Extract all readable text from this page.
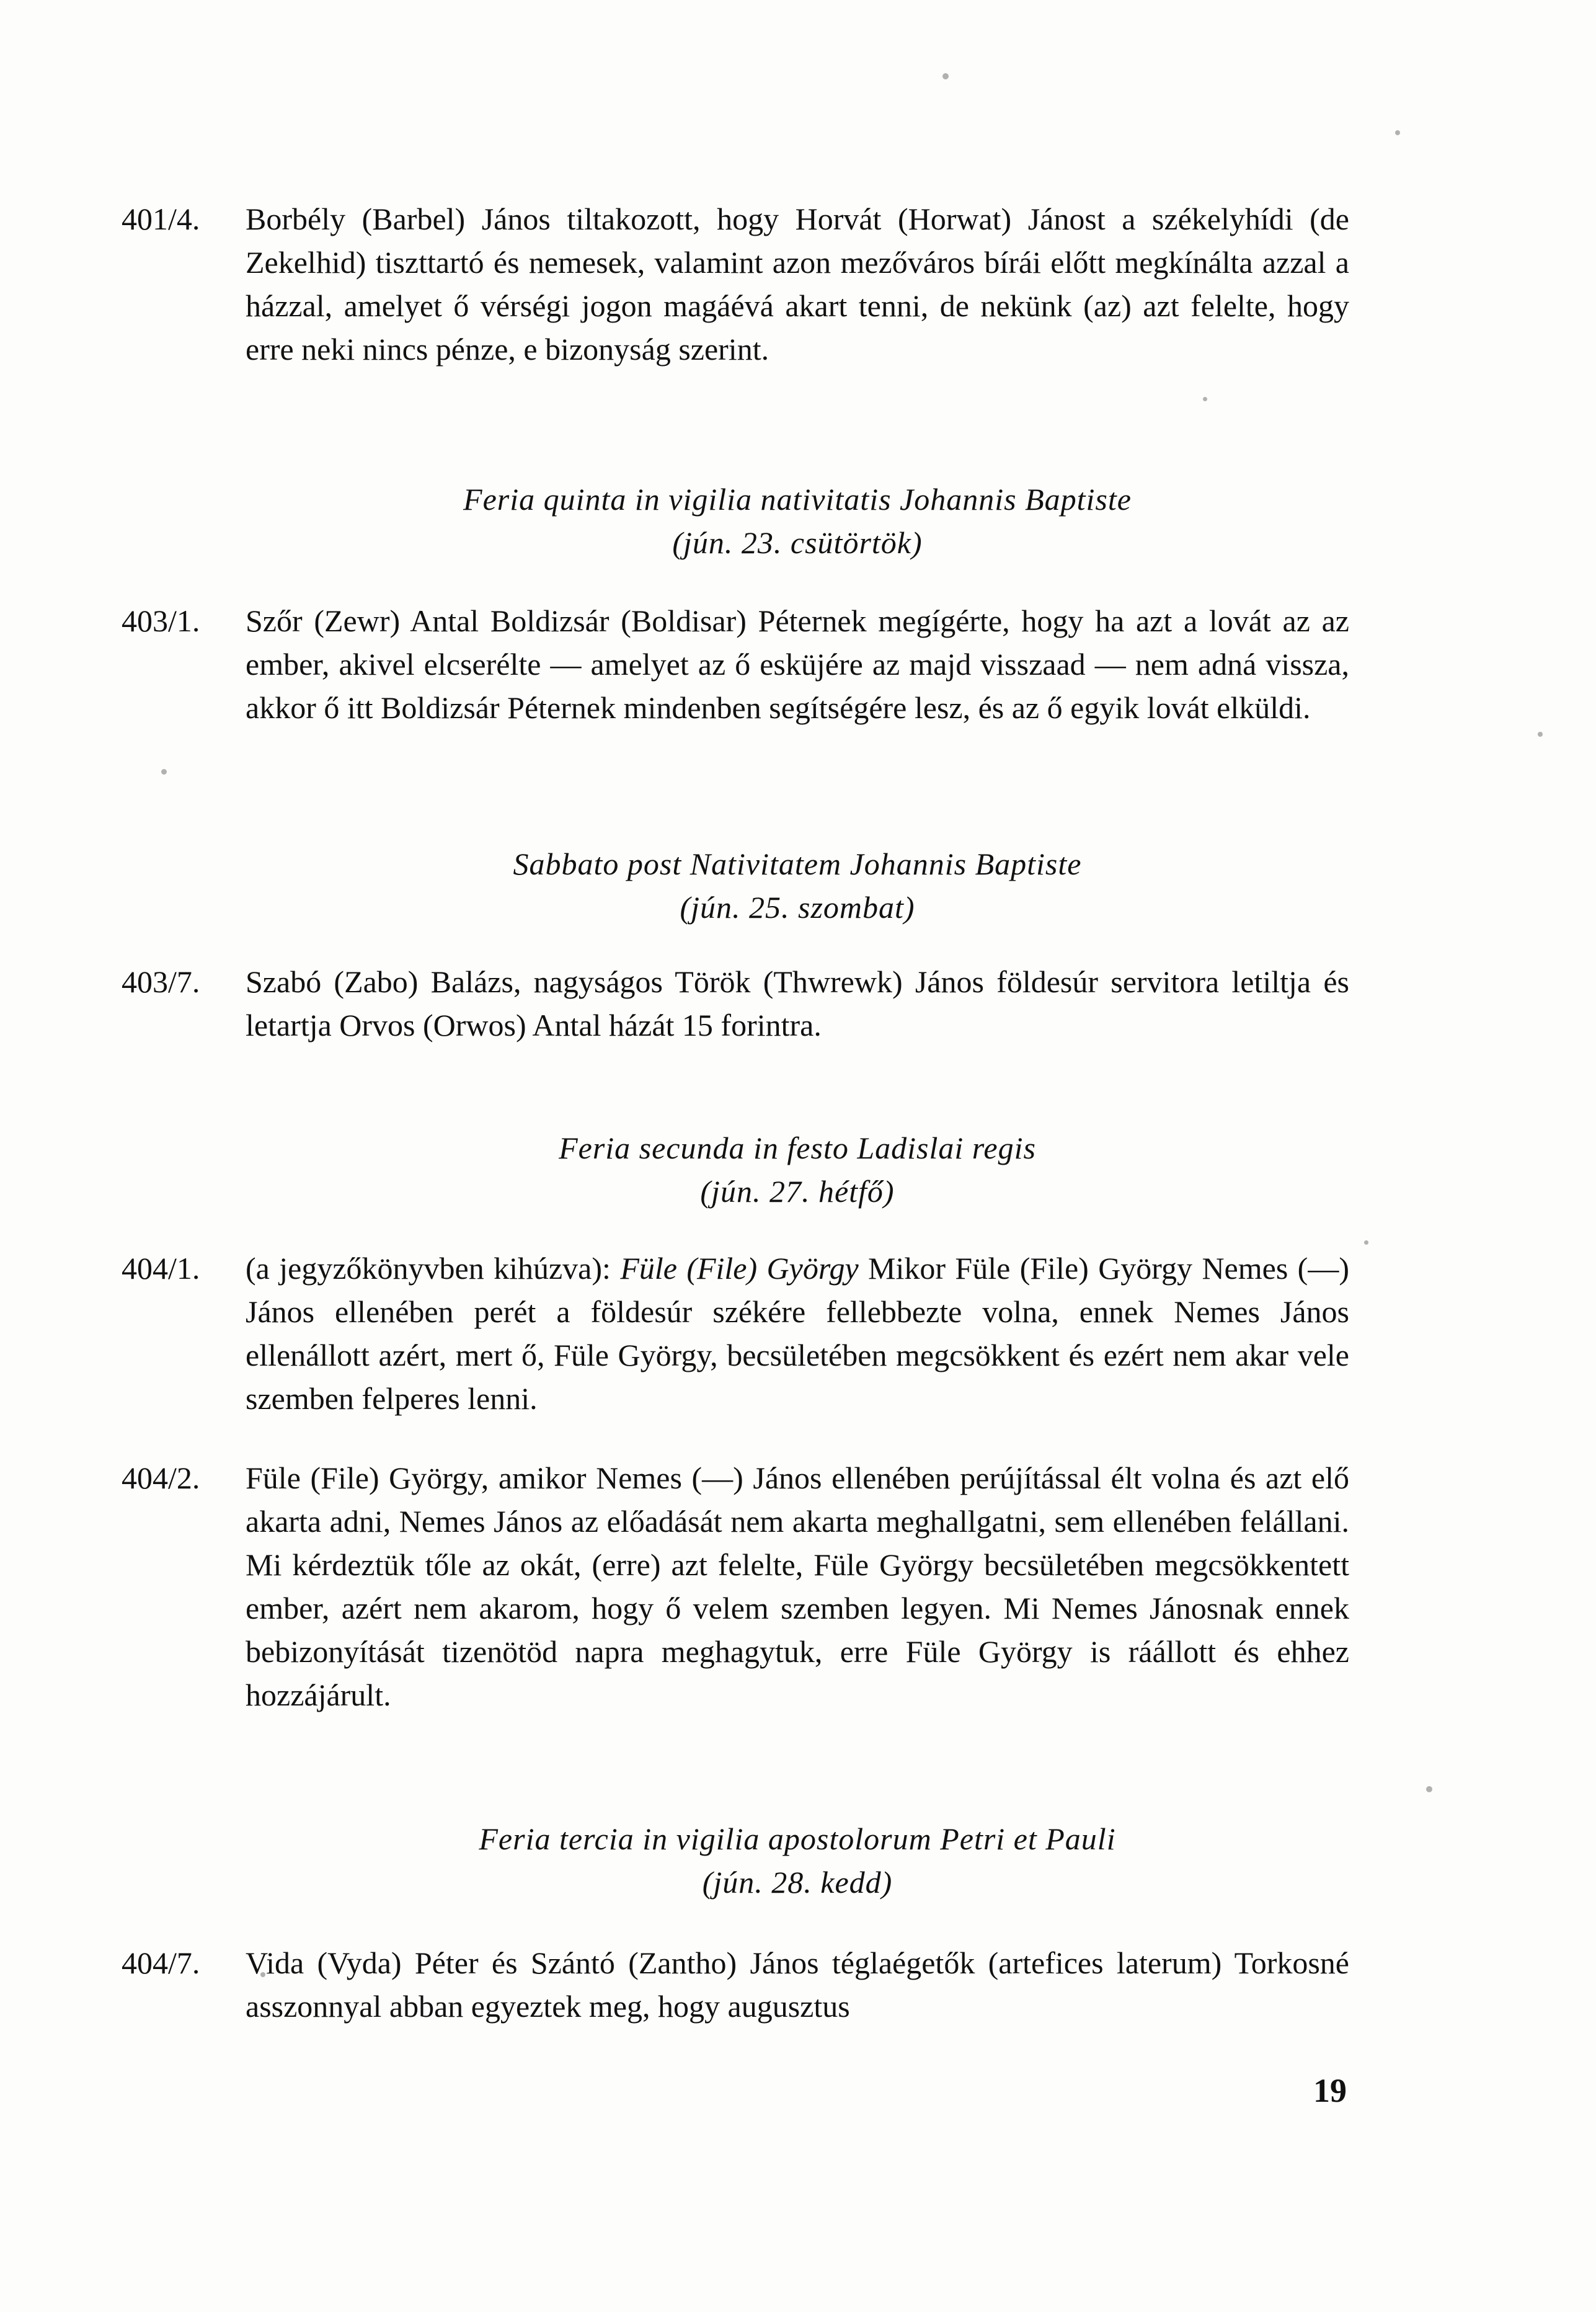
401/4.	Borbély (Barbel) János tiltakozott, hogy Horvát (Horwat) Jánost a székelyhídi (de Zekelhid) tiszttartó és nemesek, valamint azon mezőváros bírái előtt megkínálta azzal a házzal, amelyet ő vérségi jogon magáévá akart tenni, de nekünk (az) azt felelte, hogy erre neki nincs pénze, e bizonyság szerint.
Feria quinta in vigilia nativitatis Johannis Baptiste
(jún. 23. csütörtök)
403/1.	Szőr (Zewr) Antal Boldizsár (Boldisar) Péternek megígérte, hogy ha azt a lovát az az ember, akivel elcserélte — amelyet az ő esküjére az majd visszaad — nem adná vissza, akkor ő itt Boldizsár Péternek mindenben segítségére lesz, és az ő egyik lovát elküldi.
Sabbato post Nativitatem Johannis Baptiste
(jún. 25. szombat)
403/7.	Szabó (Zabo) Balázs, nagyságos Török (Thwrewk) János földesúr servitora letiltja és letartja Orvos (Orwos) Antal házát 15 forintra.
Feria secunda in festo Ladislai regis
(jún. 27. hétfő)
404/1.	(a jegyzőkönyvben kihúzva): Füle (File) György Mikor Füle (File) György Nemes (—) János ellenében perét a földesúr székére fellebbezte volna, ennek Nemes János ellenállott azért, mert ő, Füle György, becsületében megcsökkent és ezért nem akar vele szemben felperes lenni.
404/2.	Füle (File) György, amikor Nemes (—) János ellenében perújítással élt volna és azt elő akarta adni, Nemes János az előadását nem akarta meghallgatni, sem ellenében felállani. Mi kérdeztük tőle az okát, (erre) azt felelte, Füle György becsületében megcsökkentett ember, azért nem akarom, hogy ő velem szemben legyen. Mi Nemes Jánosnak ennek bebizonyítását tizenötöd napra meghagytuk, erre Füle György is ráállott és ehhez hozzájárult.
Feria tercia in vigilia apostolorum Petri et Pauli
(jún. 28. kedd)
404/7.	Vida (Vyda) Péter és Szántó (Zantho) János téglaégetők (artefices laterum) Torkosné asszonnyal abban egyeztek meg, hogy augusztus
19
